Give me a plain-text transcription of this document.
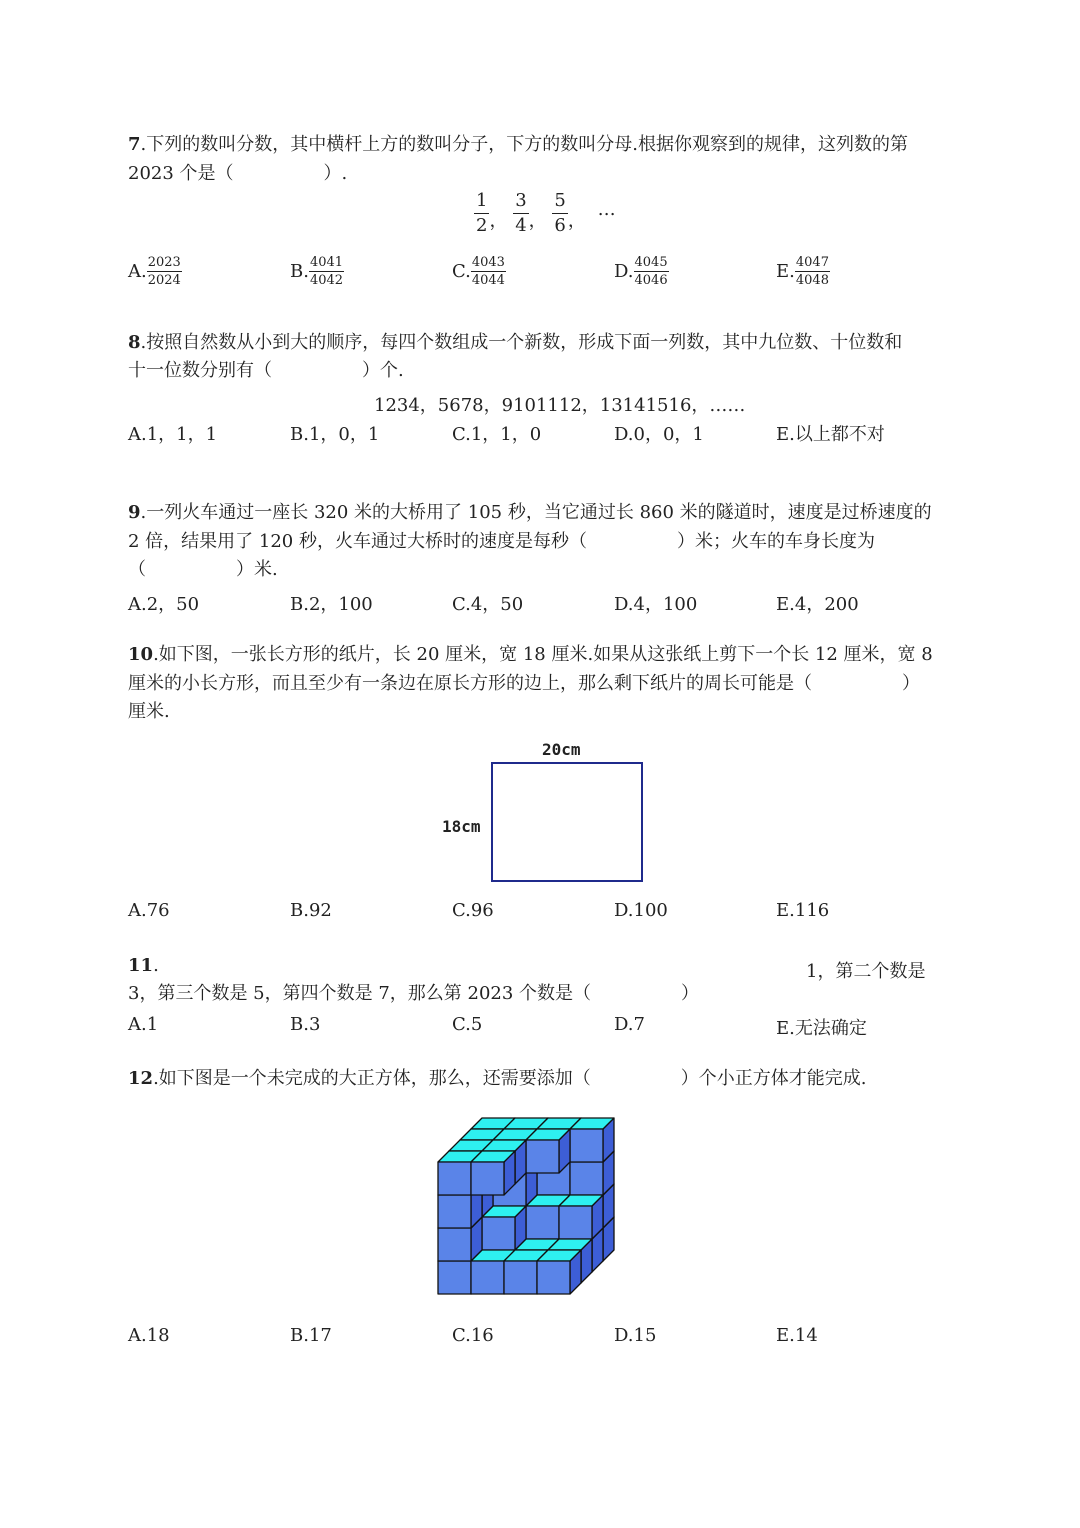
7.下列的数叫分数，其中横杆上方的数叫分子，下方的数叫分母.根据你观察到的规律，这列数的第
2023 个是（　　　　　）.
$\frac{1}{2}$ ， $\frac{3}{4}$ ， $\frac{5}{6}$ ， …
A. $\frac{2023}{2024}$	B. $\frac{4041}{4042}$	C. $\frac{4043}{4044}$	D. $\frac{4045}{4046}$	E. $\frac{4047}{4048}$
8.按照自然数从小到大的顺序，每四个数组成一个新数，形成下面一列数，其中九位数、十位数和
十一位数分别有（　　　　　）个.
1234，5678，9101112，13141516，……
A.1，1，1	B.1，0，1	C.1，1，0	D.0，0，1	E.以上都不对
9.一列火车通过一座长 320 米的大桥用了 105 秒，当它通过长 860 米的隧道时，速度是过桥速度的
2 倍，结果用了 120 秒，火车通过大桥时的速度是每秒（　　　　　）米；火车的车身长度为
（　　　　　）米.
A.2，50	B.2，100	C.4，50	D.4，100	E.4，200
10.如下图，一张长方形的纸片，长 20 厘米，宽 18 厘米.如果从这张纸上剪下一个长 12 厘米，宽 8
厘米的小长方形，而且至少有一条边在原长方形的边上，那么剩下纸片的周长可能是（　　　　　）
厘米.
20cm
18cm
A.76	B.92	C.96	D.100	E.116
11.	1，第二个数是
3，第三个数是 5，第四个数是 7，那么第 2023 个数是（　　　　　）
A.1	B.3	C.5	D.7	E.无法确定
12.如下图是一个未完成的大正方体，那么，还需要添加（　　　　　）个小正方体才能完成.
A.18	B.17	C.16	D.15	E.14
